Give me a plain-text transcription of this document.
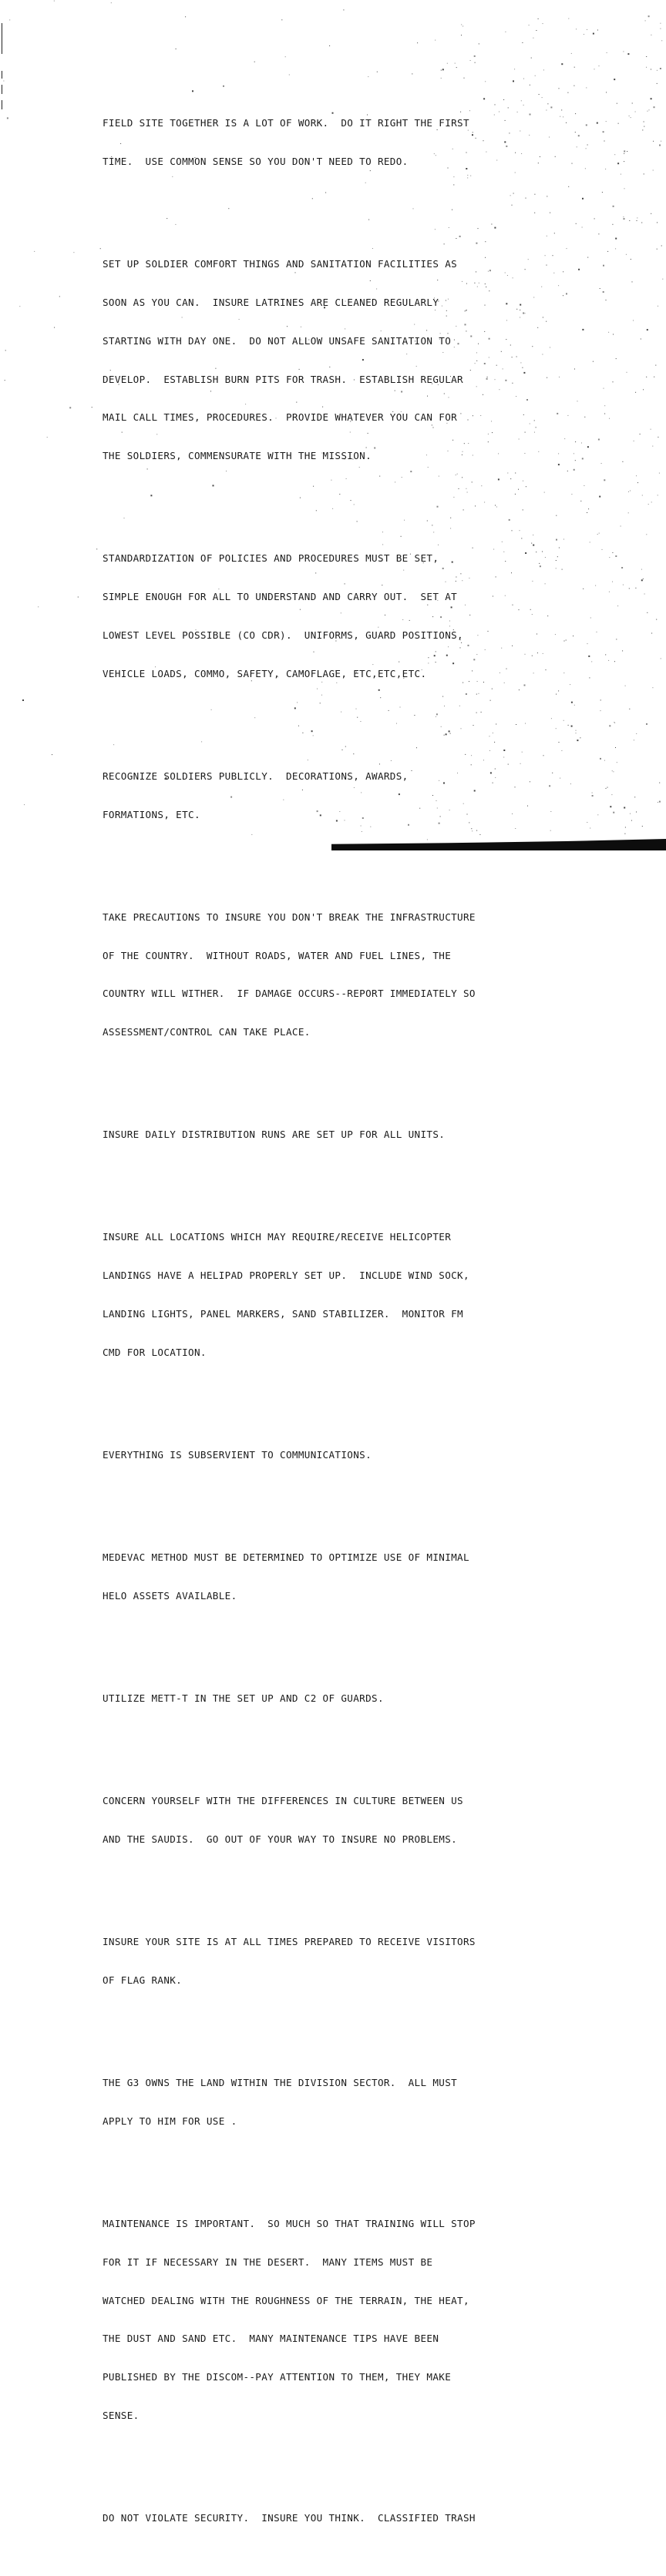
FIELD SITE TOGETHER IS A LOT OF WORK.  DO IT RIGHT THE FIRST

TIME.  USE COMMON SENSE SO YOU DON'T NEED TO REDO.

SET UP SOLDIER COMFORT THINGS AND SANITATION FACILITIES AS

SOON AS YOU CAN.  INSURE LATRINES ARE CLEANED REGULARLY

STARTING WITH DAY ONE.  DO NOT ALLOW UNSAFE SANITATION TO

DEVELOP.  ESTABLISH BURN PITS FOR TRASH.  ESTABLISH REGULAR

MAIL CALL TIMES, PROCEDURES.  PROVIDE WHATEVER YOU CAN FOR

THE SOLDIERS, COMMENSURATE WITH THE MISSION.

STANDARDIZATION OF POLICIES AND PROCEDURES MUST BE SET,

SIMPLE ENOUGH FOR ALL TO UNDERSTAND AND CARRY OUT.  SET AT

LOWEST LEVEL POSSIBLE (CO CDR).  UNIFORMS, GUARD POSITIONS,

VEHICLE LOADS, COMMO, SAFETY, CAMOFLAGE, ETC,ETC,ETC.

RECOGNIZE SOLDIERS PUBLICLY.  DECORATIONS, AWARDS,

FORMATIONS, ETC.

TAKE PRECAUTIONS TO INSURE YOU DON'T BREAK THE INFRASTRUCTURE

OF THE COUNTRY.  WITHOUT ROADS, WATER AND FUEL LINES, THE

COUNTRY WILL WITHER.  IF DAMAGE OCCURS--REPORT IMMEDIATELY SO

ASSESSMENT/CONTROL CAN TAKE PLACE.

INSURE DAILY DISTRIBUTION RUNS ARE SET UP FOR ALL UNITS.

INSURE ALL LOCATIONS WHICH MAY REQUIRE/RECEIVE HELICOPTER

LANDINGS HAVE A HELIPAD PROPERLY SET UP.  INCLUDE WIND SOCK,

LANDING LIGHTS, PANEL MARKERS, SAND STABILIZER.  MONITOR FM

CMD FOR LOCATION.

EVERYTHING IS SUBSERVIENT TO COMMUNICATIONS.

MEDEVAC METHOD MUST BE DETERMINED TO OPTIMIZE USE OF MINIMAL

HELO ASSETS AVAILABLE.

UTILIZE METT-T IN THE SET UP AND C2 OF GUARDS.

CONCERN YOURSELF WITH THE DIFFERENCES IN CULTURE BETWEEN US

AND THE SAUDIS.  GO OUT OF YOUR WAY TO INSURE NO PROBLEMS.

INSURE YOUR SITE IS AT ALL TIMES PREPARED TO RECEIVE VISITORS

OF FLAG RANK.

THE G3 OWNS THE LAND WITHIN THE DIVISION SECTOR.  ALL MUST

APPLY TO HIM FOR USE .

MAINTENANCE IS IMPORTANT.  SO MUCH SO THAT TRAINING WILL STOP

FOR IT IF NECESSARY IN THE DESERT.  MANY ITEMS MUST BE

WATCHED DEALING WITH THE ROUGHNESS OF THE TERRAIN, THE HEAT,

THE DUST AND SAND ETC.  MANY MAINTENANCE TIPS HAVE BEEN

PUBLISHED BY THE DISCOM--PAY ATTENTION TO THEM, THEY MAKE

SENSE.

DO NOT VIOLATE SECURITY.  INSURE YOU THINK.  CLASSIFIED TRASH
